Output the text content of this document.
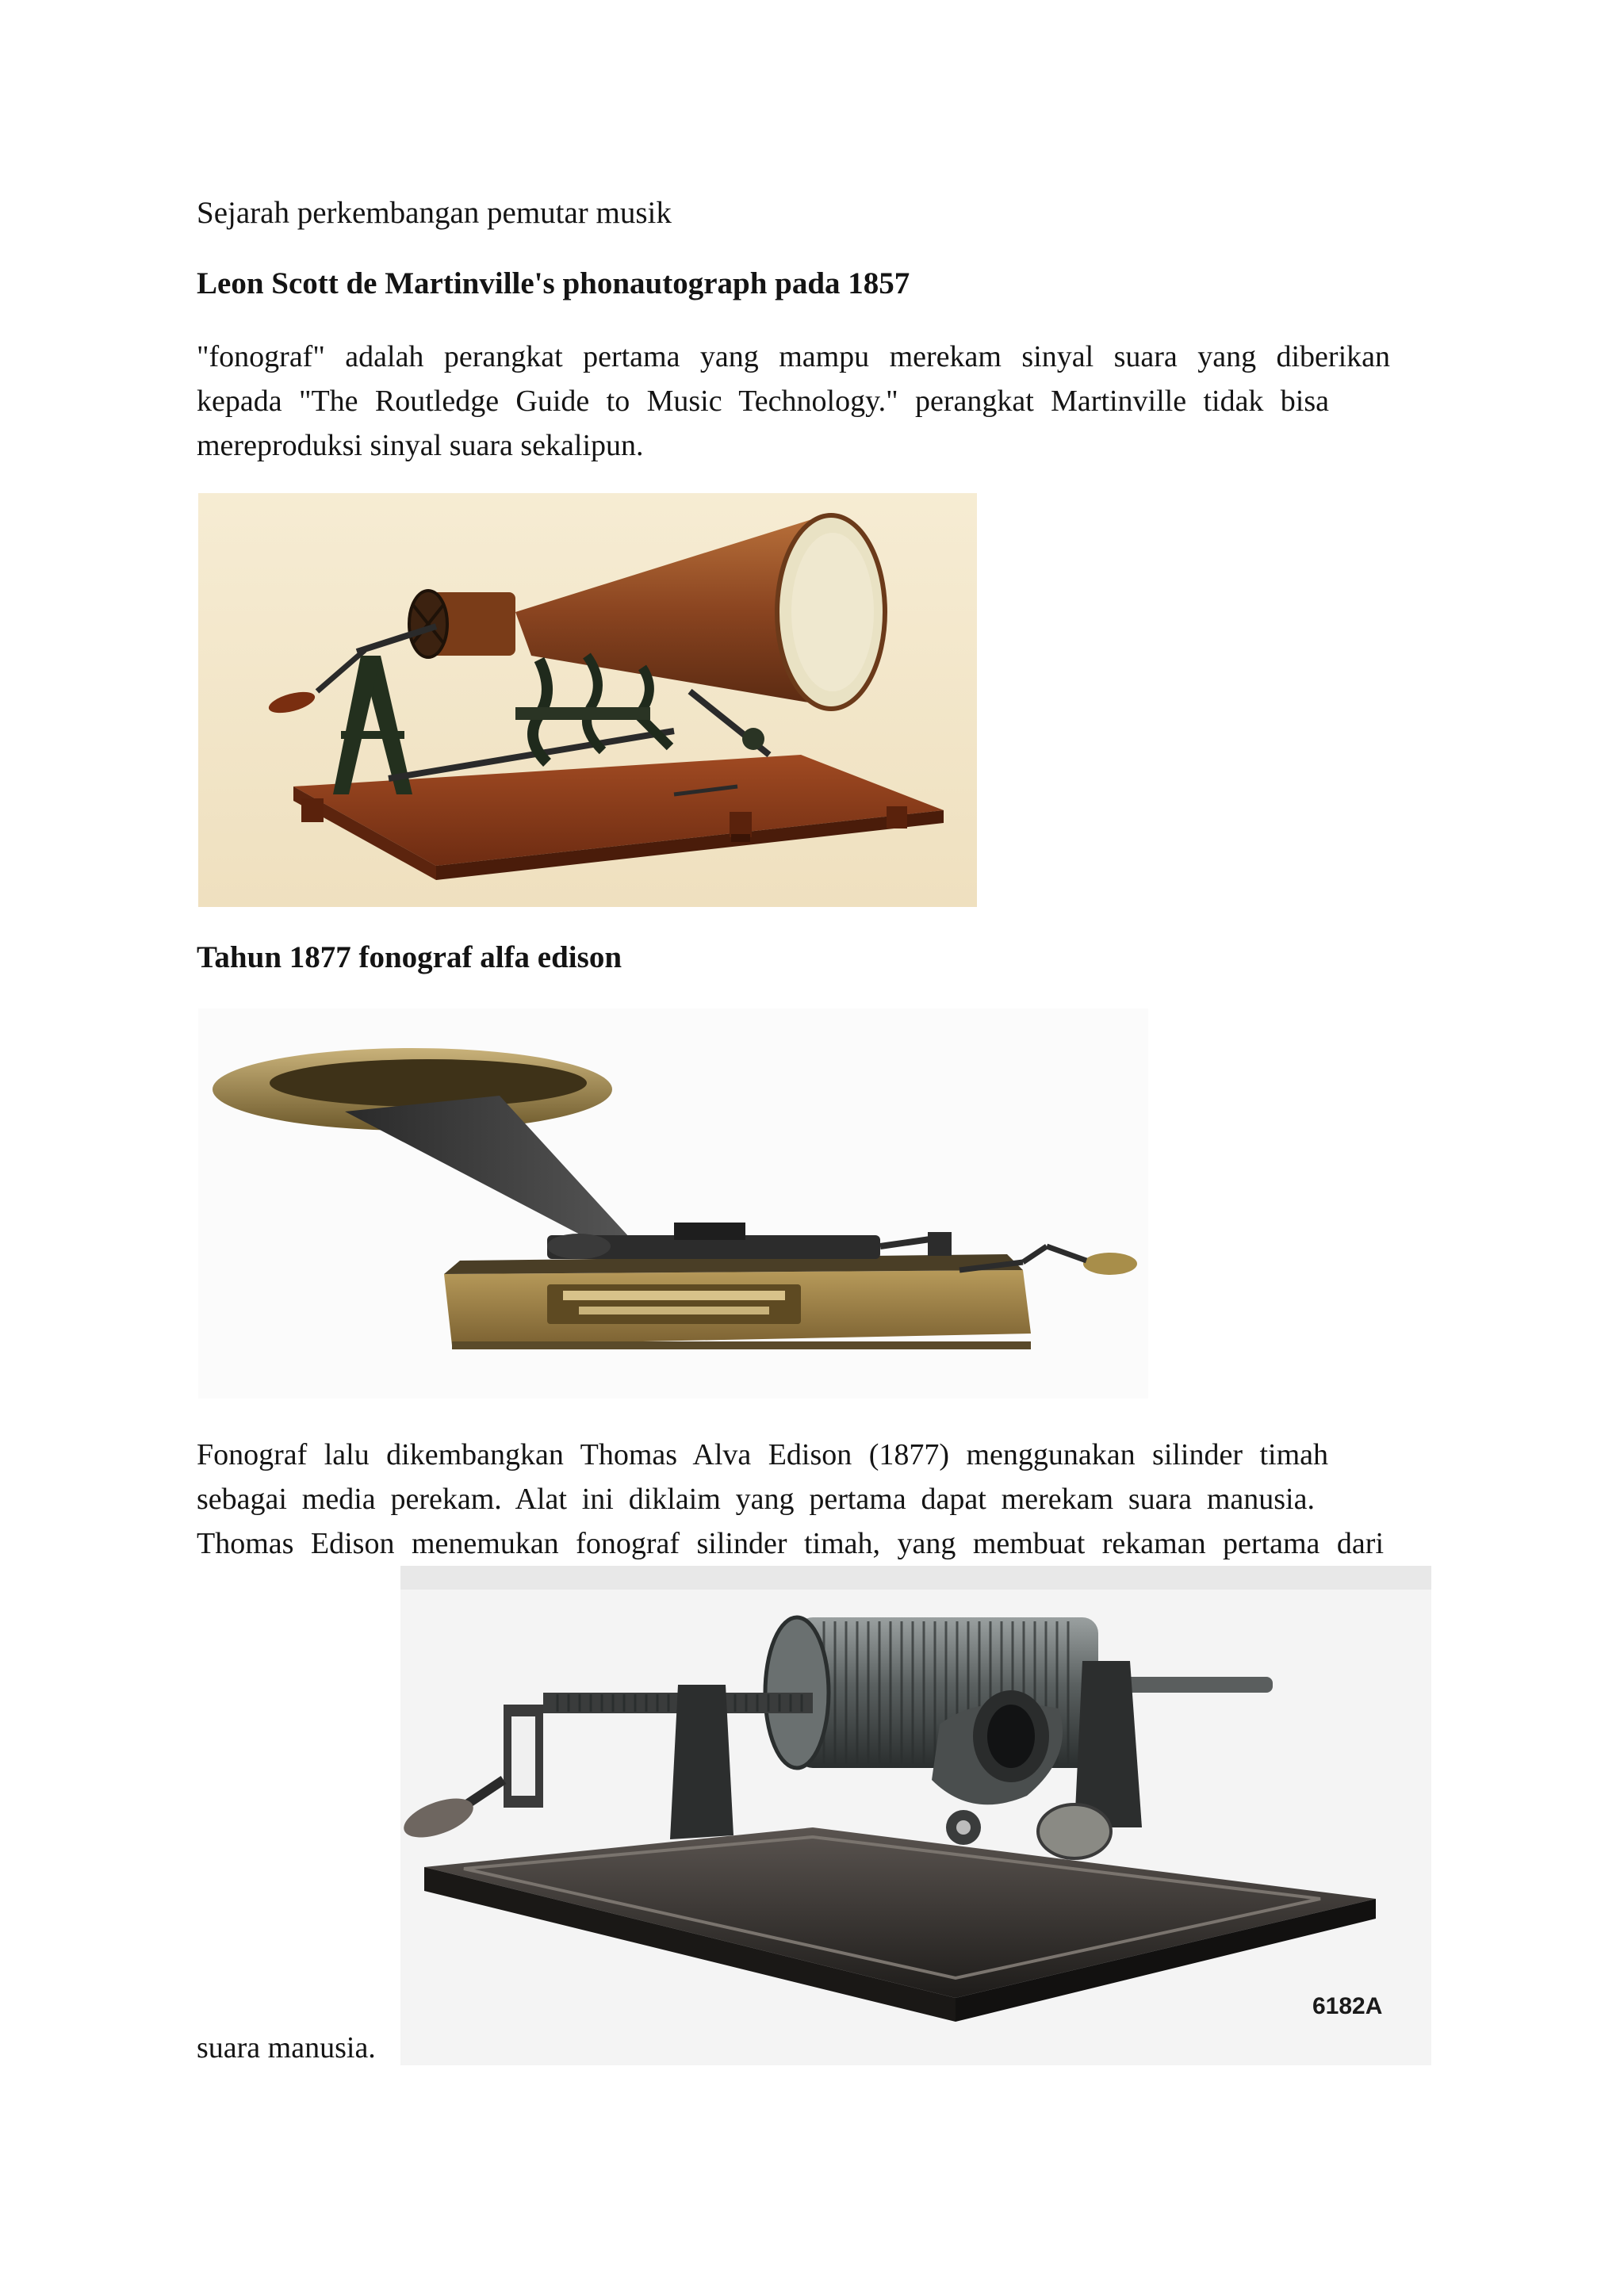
Sejarah perkembangan pemutar musik

Leon Scott de Martinville's phonautograph pada 1857

"fonograf" adalah perangkat pertama yang mampu merekam sinyal suara yang diberikan
kepada "The Routledge Guide to Music Technology." perangkat Martinville tidak bisa
mereproduksi sinyal suara sekalipun.

Tahun 1877 fonograf alfa edison

Fonograf lalu dikembangkan Thomas Alva Edison (1877) menggunakan silinder timah
sebagai media perekam. Alat ini diklaim yang pertama dapat merekam suara manusia.
Thomas Edison menemukan fonograf silinder timah, yang membuat rekaman pertama dari

6182A

suara manusia.
